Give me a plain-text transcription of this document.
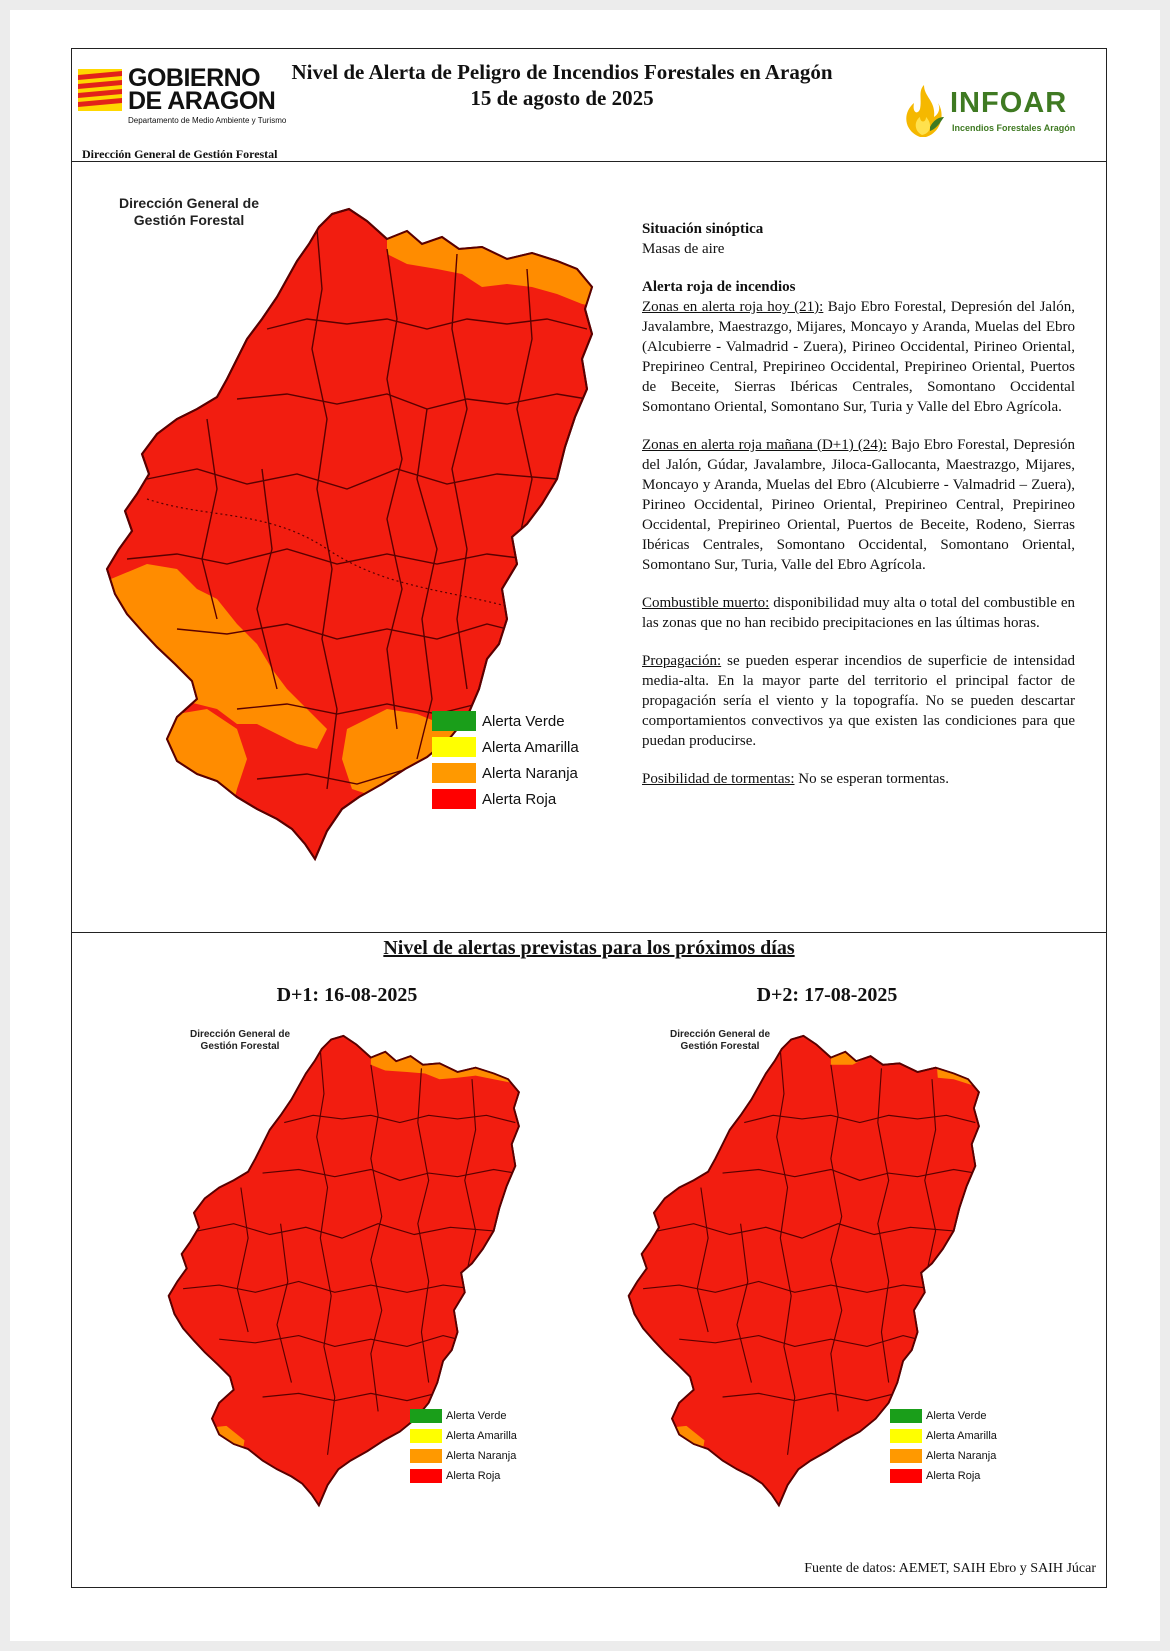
GOBIERNO
DE ARAGON
Departamento de Medio Ambiente y Turismo
Dirección General de Gestión Forestal
Nivel de Alerta de Peligro de Incendios Forestales en Aragón
15 de agosto de 2025	INFOAR
Incendios Forestales Aragón
Dirección General de
Gestión Forestal
Alerta Verde
Alerta Amarilla
Alerta Naranja
Alerta Roja

Situación sinóptica
Masas de aire

Alerta roja de incendios
Zonas en alerta roja hoy (21): Bajo Ebro Forestal, Depresión del Jalón, Javalambre, Maestrazgo, Mijares, Moncayo y Aranda, Muelas del Ebro (Alcubierre - Valmadrid - Zuera), Pirineo Occidental, Pirineo Oriental, Prepirineo Central, Prepirineo Occidental, Prepirineo Oriental, Puertos de Beceite, Sierras Ibéricas Centrales, Somontano Occidental Somontano Oriental, Somontano Sur, Turia y Valle del Ebro Agrícola.

Zonas en alerta roja mañana (D+1) (24): Bajo Ebro Forestal, Depresión del Jalón, Gúdar, Javalambre, Jiloca-Gallocanta, Maestrazgo, Mijares, Moncayo y Aranda, Muelas del Ebro (Alcubierre - Valmadrid – Zuera), Pirineo Occidental, Pirineo Oriental, Prepirineo Central, Prepirineo Occidental, Prepirineo Oriental, Puertos de Beceite, Rodeno, Sierras Ibéricas Centrales, Somontano Occidental, Somontano Oriental, Somontano Sur, Turia, Valle del Ebro Agrícola.

Combustible muerto: disponibilidad muy alta o total del combustible en las zonas que no han recibido precipitaciones en las últimas horas.

Propagación: se pueden esperar incendios de superficie de intensidad media-alta. En la mayor parte del territorio el principal factor de propagación sería el viento y la topografía. No se pueden descartar comportamientos convectivos ya que existen las condiciones para que puedan producirse.

Posibilidad de tormentas: No se esperan tormentas.

Nivel de alertas previstas para los próximos días
D+1: 16-08-2025	D+2: 17-08-2025
Dirección General de
Gestión Forestal
Dirección General de
Gestión Forestal
Alerta Verde
Alerta Amarilla
Alerta Naranja
Alerta Roja
Alerta Verde
Alerta Amarilla
Alerta Naranja
Alerta Roja
Fuente de datos: AEMET, SAIH Ebro y SAIH Júcar
